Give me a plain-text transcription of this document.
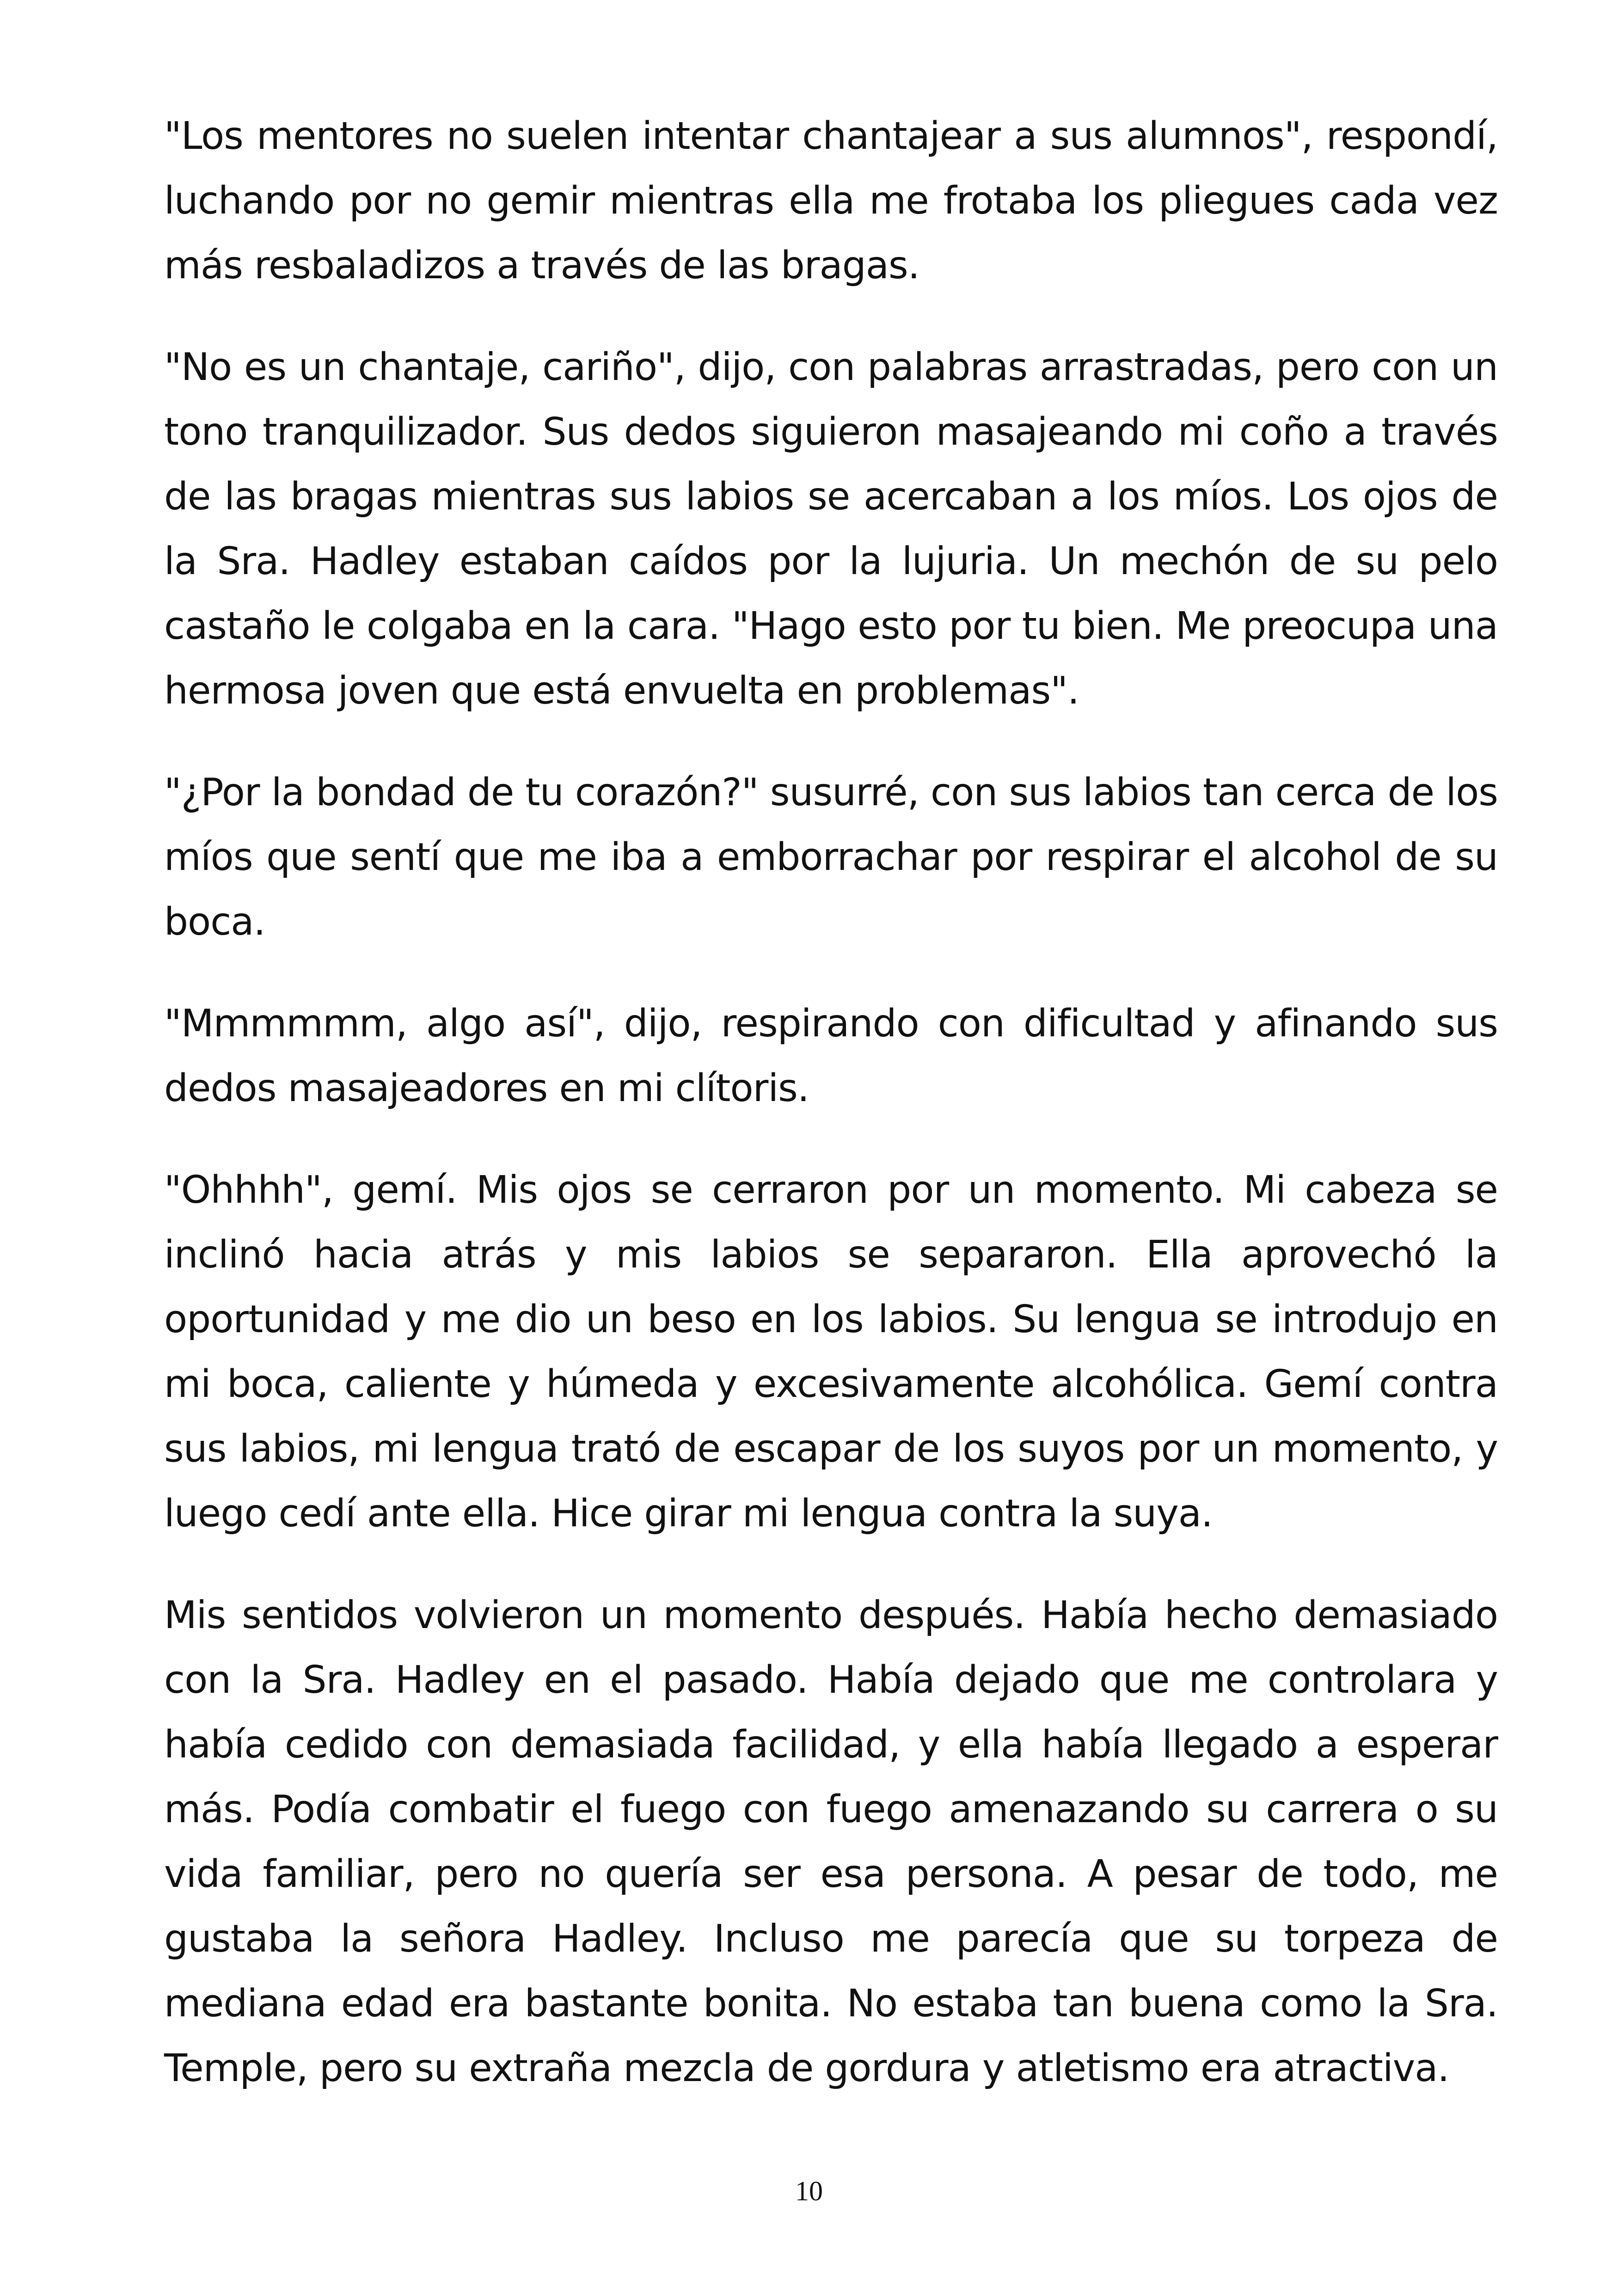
"Los mentores no suelen intentar chantajear a sus alumnos", respondí, luchando por no gemir mientras ella me frotaba los pliegues cada vez más resbaladizos a través de las bragas.

"No es un chantaje, cariño", dijo, con palabras arrastradas, pero con un tono tranquilizador. Sus dedos siguieron masajeando mi coño a través de las bragas mientras sus labios se acercaban a los míos. Los ojos de la Sra. Hadley estaban caídos por la lujuria. Un mechón de su pelo castaño le colgaba en la cara. "Hago esto por tu bien. Me preocupa una hermosa joven que está envuelta en problemas".

"¿Por la bondad de tu corazón?" susurré, con sus labios tan cerca de los míos que sentí que me iba a emborrachar por respirar el alcohol de su boca.

"Mmmmmm, algo así", dijo, respirando con dificultad y afinando sus dedos masajeadores en mi clítoris.

"Ohhhh", gemí. Mis ojos se cerraron por un momento. Mi cabeza se inclinó hacia atrás y mis labios se separaron. Ella aprovechó la oportunidad y me dio un beso en los labios. Su lengua se introdujo en mi boca, caliente y húmeda y excesivamente alcohólica. Gemí contra sus labios, mi lengua trató de escapar de los suyos por un momento, y luego cedí ante ella. Hice girar mi lengua contra la suya.

Mis sentidos volvieron un momento después. Había hecho demasiado con la Sra. Hadley en el pasado. Había dejado que me controlara y había cedido con demasiada facilidad, y ella había llegado a esperar más. Podía combatir el fuego con fuego amenazando su carrera o su vida familiar, pero no quería ser esa persona. A pesar de todo, me gustaba la señora Hadley. Incluso me parecía que su torpeza de mediana edad era bastante bonita. No estaba tan buena como la Sra. Temple, pero su extraña mezcla de gordura y atletismo era atractiva.

10
